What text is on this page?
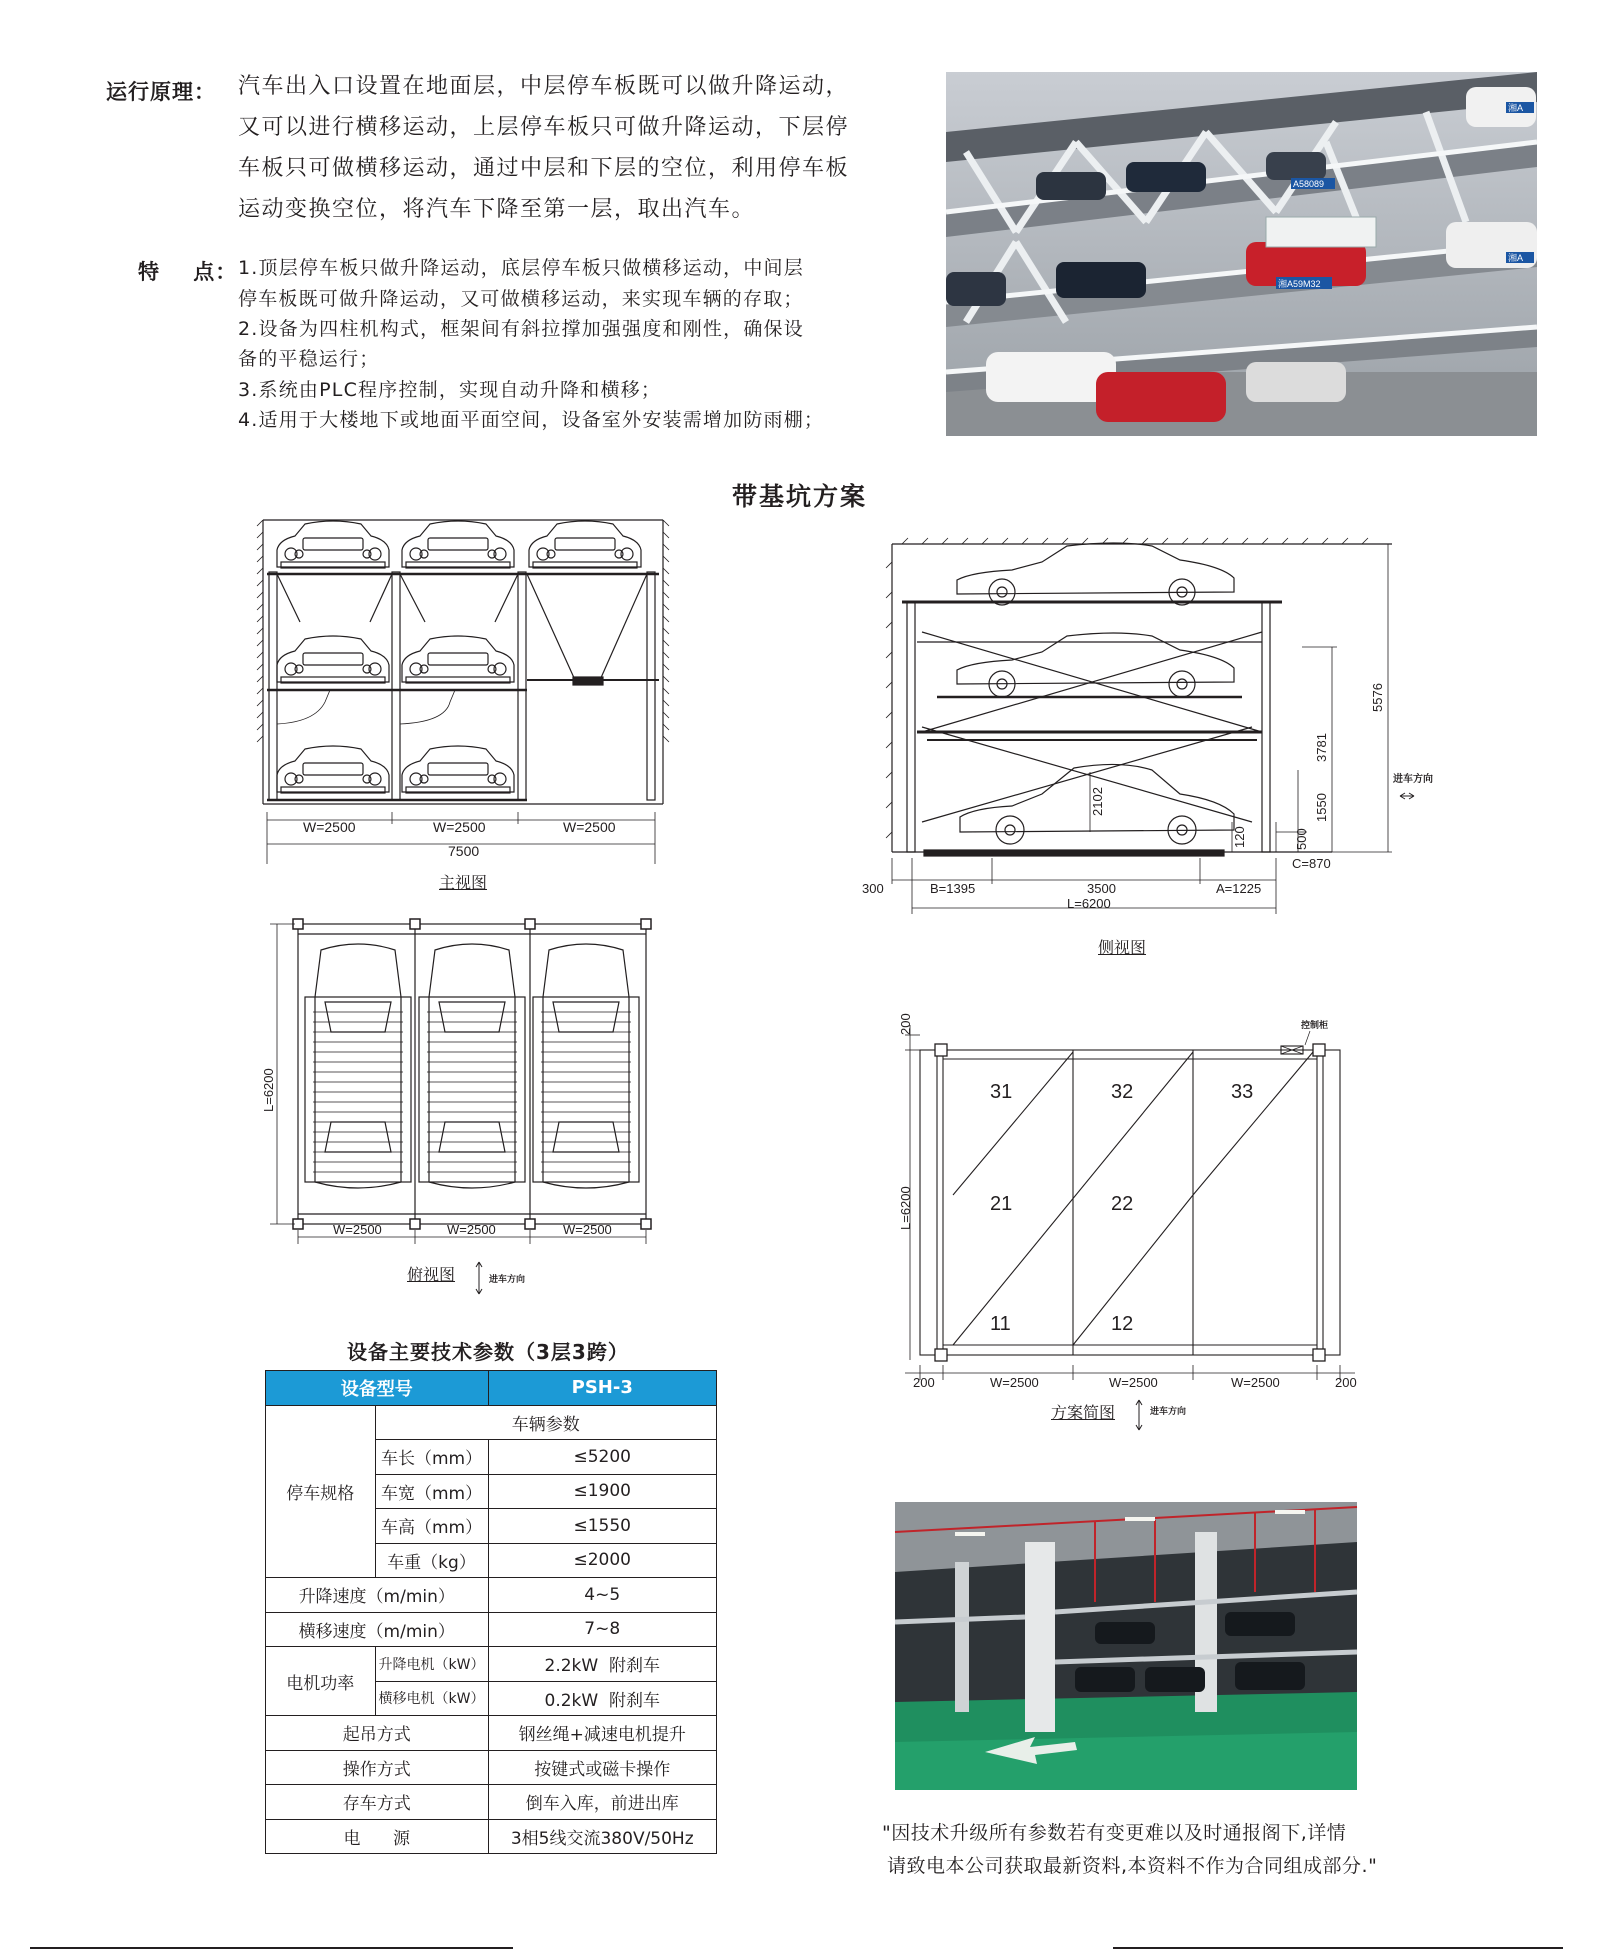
运行原理： 汽车出入口设置在地面层，中层停车板既可以做升降运动，
又可以进行横移运动，上层停车板只可做升降运动，下层停
车板只可做横移运动，通过中层和下层的空位，利用停车板
运动变换空位，将汽车下降至第一层，取出汽车。
特    点： 1.顶层停车板只做升降运动，底层停车板只做横移运动，中间层
停车板既可做升降运动，又可做横移运动，来实现车辆的存取；
2.设备为四柱机构式，框架间有斜拉撑加强强度和刚性，确保设
备的平稳运行；
3.系统由PLC程序控制，实现自动升降和横移；
4.适用于大楼地下或地面平面空间，设备室外安装需增加防雨棚；
湘A
A58089
湘A59M32
湘A
带基坑方案
W=2500	W=2500	W=2500
7500
主视图	300	B=1395	3500	A=1225
L=6200
5576
3781
1550
500
C=870
2102
120
进车方向
侧视图
L=6200
W=2500	W=2500	W=2500
俯视图	进车方向
31	32	33
21	22
11	12
200
L=6200
200	W=2500	W=2500	W=2500	200
控制柜
方案简图	进车方向
设备主要技术参数（3层3跨）
设备型号		PSH-3
停车规格	车辆参数	
	车长（mm）	≤5200
	车宽（mm）	≤1900
	车高（mm）	≤1550
	车重（kg）	≤2000
升降速度（m/min）		4~5
横移速度（m/min）		7~8
电机功率	升降电机（kW）	2.2kW  附刹车
	横移电机（kW）	0.2kW  附刹车
起吊方式		钢丝绳+减速电机提升
操作方式		按键式或磁卡操作
存车方式		倒车入库，前进出库
电      源		3相5线交流380V/50Hz	"因技术升级所有参数若有变更难以及时通报阁下,详情
请致电本公司获取最新资料,本资料不作为合同组成部分."
